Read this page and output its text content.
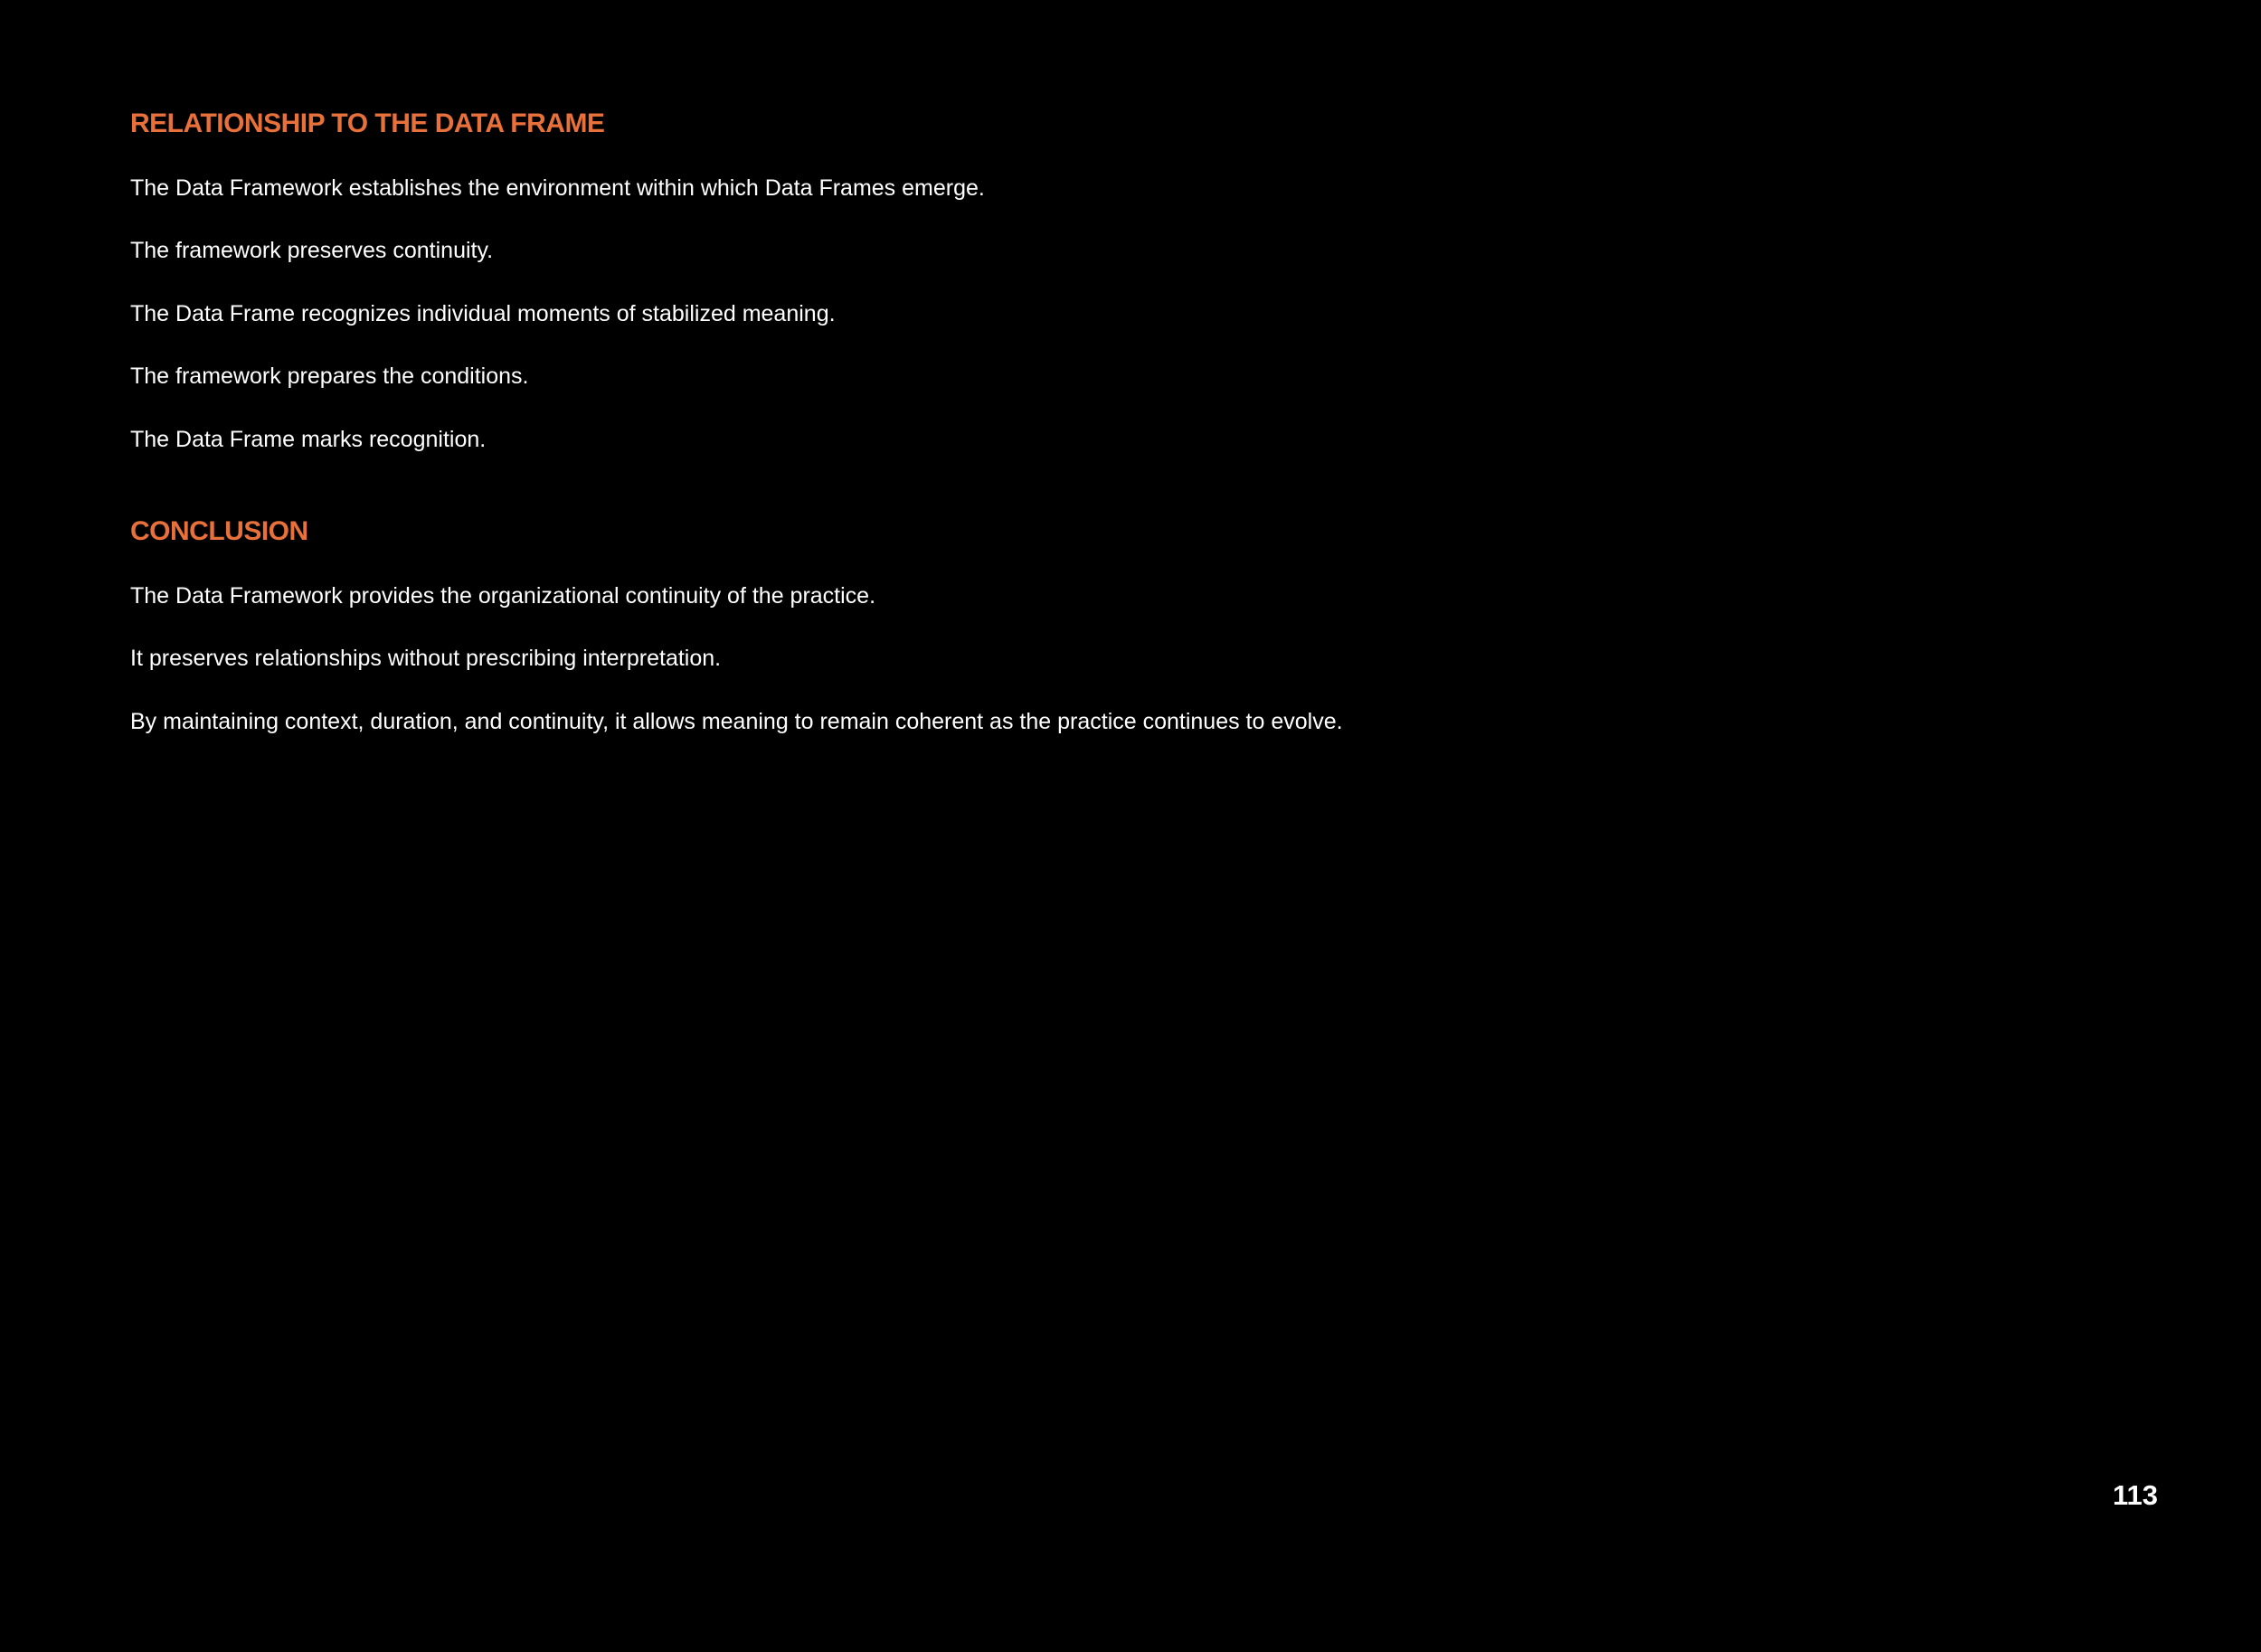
RELATIONSHIP TO THE DATA FRAME

The Data Framework establishes the environment within which Data Frames emerge.

The framework preserves continuity.

The Data Frame recognizes individual moments of stabilized meaning.

The framework prepares the conditions.

The Data Frame marks recognition.

CONCLUSION

The Data Framework provides the organizational continuity of the practice.

It preserves relationships without prescribing interpretation.

By maintaining context, duration, and continuity, it allows meaning to remain coherent as the practice continues to evolve.

113
